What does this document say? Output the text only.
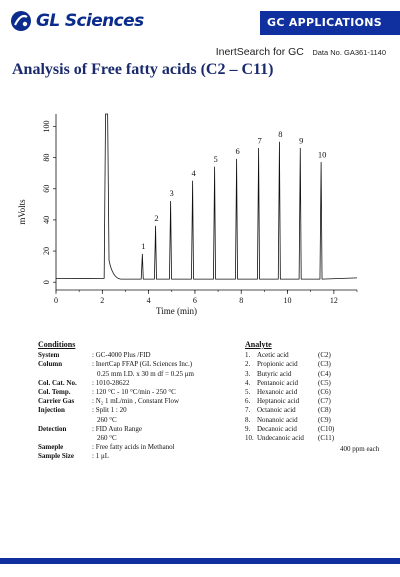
GL Sciences	GC APPLICATIONS
InertSearch for GC Data No. GA361-1140
Analysis of Free fatty acids (C2 – C11)
0
20
40
60
80
100
0	2	4	6	8	10	12
mVolts
Time (min)
1
2
3
4
5
6
7
8
9
10
Conditions
System	: GC-4000 Plus /FID
Column	: InertCap FFAP (GL Sciences Inc.)
0.25 mm I.D. x 30 m df = 0.25 μm
Col. Cat. No.	: 1010-28622
Col. Temp.	: 120 °C - 10 °C/min - 250 °C
Carrier Gas	: N₂ 1 mL/min , Constant Flow
Injection	: Split 1 : 20
260 °C
Detection	: FID Auto Range
260 °C
Sameple	: Free fatty acids in Methanol
Sample Size	: 1 μL
Analyte
1. Acetic acid	(C2)
2. Propionic acid	(C3)
3. Butyric acid	(C4)
4. Pentanoic acid	(C5)
5. Hexanoic acid	(C6)
6. Heptanoic acid	(C7)
7. Octanoic acid	(C8)
8. Nonanoic acid	(C9)
9. Decanoic acid	(C10)
10. Undecanoic acid	(C11)
400 ppm each
